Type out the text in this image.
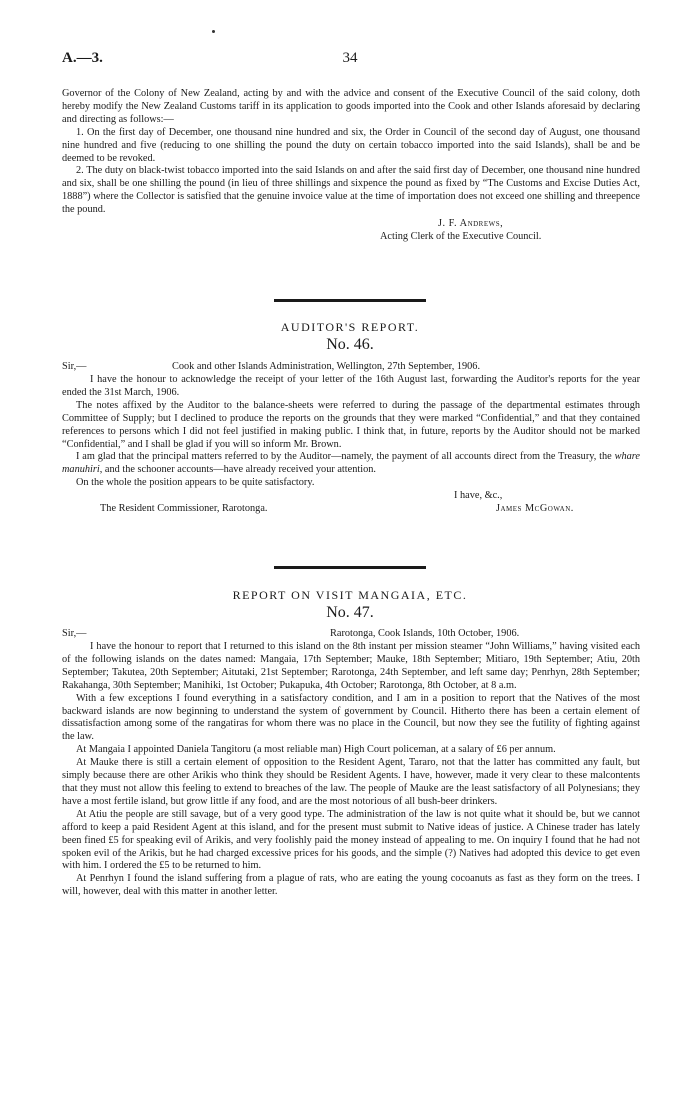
A.—3.	34

Governor of the Colony of New Zealand, acting by and with the advice and consent of the Executive Council of the said colony, doth hereby modify the New Zealand Customs tariff in its application to goods imported into the Cook and other Islands aforesaid by declaring and directing as follows:—

1. On the first day of December, one thousand nine hundred and six, the Order in Council of the second day of August, one thousand nine hundred and five (reducing to one shilling the pound the duty on certain tobacco imported into the said Islands), shall be and be deemed to be revoked.

2. The duty on black-twist tobacco imported into the said Islands on and after the said first day of December, one thousand nine hundred and six, shall be one shilling the pound (in lieu of three shillings and sixpence the pound as fixed by “The Customs and Excise Duties Act, 1888”) where the Collector is satisfied that the genuine invoice value at the time of importation does not exceed one shilling and threepence the pound.

J. F. Andrews,
Acting Clerk of the Executive Council.
AUDITOR'S REPORT.
No. 46.
Sir,—	Cook and other Islands Administration, Wellington, 27th September, 1906.

I have the honour to acknowledge the receipt of your letter of the 16th August last, forwarding the Auditor's reports for the year ended the 31st March, 1906.

The notes affixed by the Auditor to the balance-sheets were referred to during the passage of the departmental estimates through Committee of Supply; but I declined to produce the reports on the grounds that they were marked “Confidential,” and that they contained references to persons which I did not feel justified in making public. I think that, in future, reports by the Auditor should not be marked “Confidential,” and I shall be glad if you will so inform Mr. Brown.

I am glad that the principal matters referred to by the Auditor—namely, the payment of all accounts direct from the Treasury, the whare manuhiri, and the schooner accounts—have already received your attention.

On the whole the position appears to be quite satisfactory.

I have, &c.,
The Resident Commissioner, Rarotonga.	James McGowan.
REPORT ON VISIT MANGAIA, ETC.
No. 47.
Sir,—	Rarotonga, Cook Islands, 10th October, 1906.

I have the honour to report that I returned to this island on the 8th instant per mission steamer “John Williams,” having visited each of the following islands on the dates named: Mangaia, 17th September; Mauke, 18th September; Mitiaro, 19th September; Atiu, 20th September; Takutea, 20th September; Aitutaki, 21st September; Rarotonga, 24th September, and left same day; Penrhyn, 28th September; Rakahanga, 30th September; Manihiki, 1st October; Pukapuka, 4th October; Rarotonga, 8th October, at 8 a.m.

With a few exceptions I found everything in a satisfactory condition, and I am in a position to report that the Natives of the most backward islands are now beginning to understand the system of government by Council. Hitherto there has been a certain element of dissatisfaction among some of the rangatiras for whom there was no place in the Council, but now they see the futility of fighting against the law.

At Mangaia I appointed Daniela Tangitoru (a most reliable man) High Court policeman, at a salary of £6 per annum.

At Mauke there is still a certain element of opposition to the Resident Agent, Tararo, not that the latter has committed any fault, but simply because there are other Arikis who think they should be Resident Agents. I have, however, made it very clear to these malcontents that they must not allow this feeling to extend to breaches of the law. The people of Mauke are the least satisfactory of all Polynesians; they have a most fertile island, but grow little if any food, and are the most notorious of all bush-beer drinkers.

At Atiu the people are still savage, but of a very good type. The administration of the law is not quite what it should be, but we cannot afford to keep a paid Resident Agent at this island, and for the present must submit to Native ideas of justice. A Chinese trader has lately been fined £5 for speaking evil of Arikis, and very foolishly paid the money instead of appealing to me. On inquiry I found that he had not spoken evil of the Arikis, but he had charged excessive prices for his goods, and the simple (?) Natives had adopted this device to get even with him. I ordered the £5 to be returned to him.

At Penrhyn I found the island suffering from a plague of rats, who are eating the young cocoanuts as fast as they form on the trees. I will, however, deal with this matter in another letter.
